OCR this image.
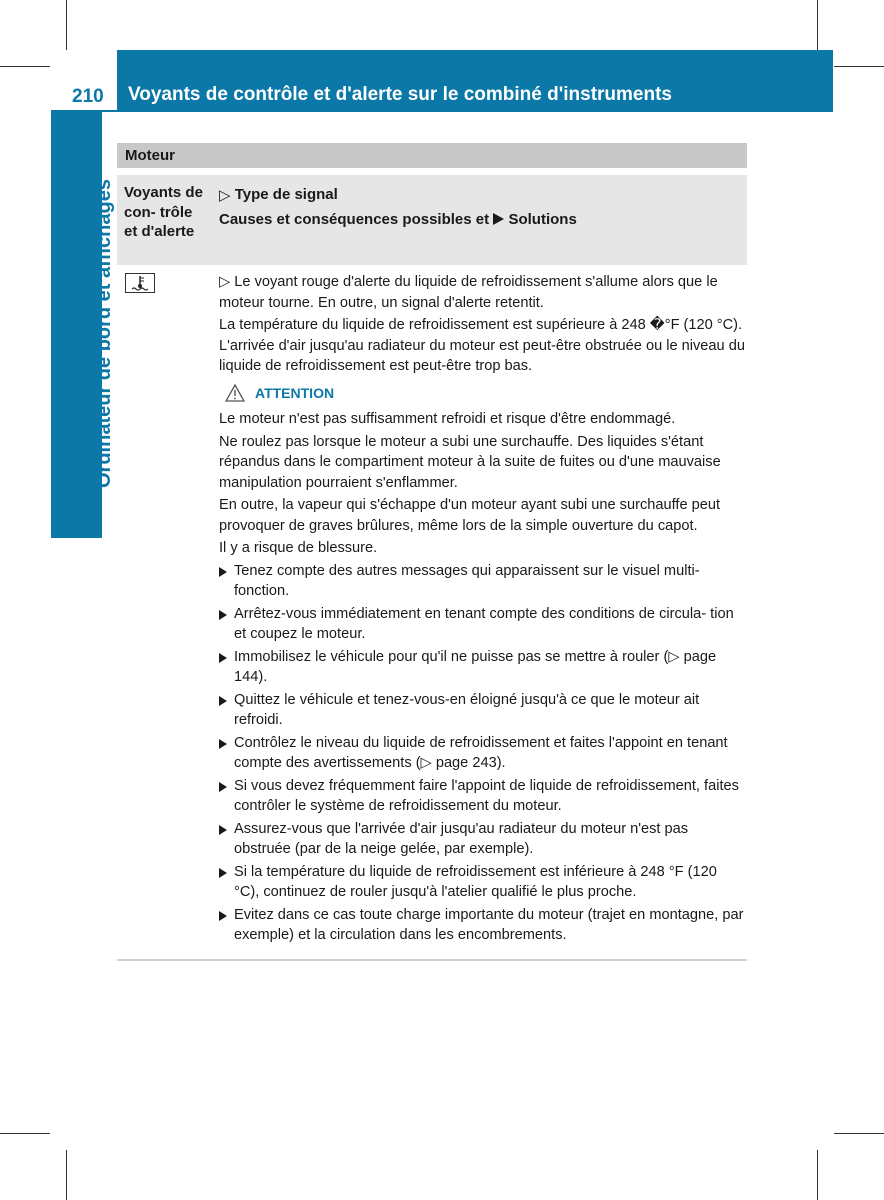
210 Voyants de contrôle et d'alerte sur le combiné d'instruments
Ordinateur de bord et affichages
Moteur
Voyants de con- trôle et d'alerte
▷ Type de signal
Causes et conséquences possibles et Solutions

▷ Le voyant rouge d'alerte du liquide de refroidissement s'allume alors que le moteur tourne. En outre, un signal d'alerte retentit.

La température du liquide de refroidissement est supérieure à 248 �°F (120 °C). L'arrivée d'air jusqu'au radiateur du moteur est peut-être obstruée ou le niveau du liquide de refroidissement est peut-être trop bas.

ATTENTION

Le moteur n'est pas suffisamment refroidi et risque d'être endommagé.

Ne roulez pas lorsque le moteur a subi une surchauffe. Des liquides s'étant répandus dans le compartiment moteur à la suite de fuites ou d'une mauvaise manipulation pourraient s'enflammer.

En outre, la vapeur qui s'échappe d'un moteur ayant subi une surchauffe peut provoquer de graves brûlures, même lors de la simple ouverture du capot.

Il y a risque de blessure.

Tenez compte des autres messages qui apparaissent sur le visuel multi- fonction.
Arrêtez-vous immédiatement en tenant compte des conditions de circula- tion et coupez le moteur.
Immobilisez le véhicule pour qu'il ne puisse pas se mettre à rouler (▷ page 144).
Quittez le véhicule et tenez-vous-en éloigné jusqu'à ce que le moteur ait refroidi.
Contrôlez le niveau du liquide de refroidissement et faites l'appoint en tenant compte des avertissements (▷ page 243).
Si vous devez fréquemment faire l'appoint de liquide de refroidissement, faites contrôler le système de refroidissement du moteur.
Assurez-vous que l'arrivée d'air jusqu'au radiateur du moteur n'est pas obstruée (par de la neige gelée, par exemple).
Si la température du liquide de refroidissement est inférieure à 248 ‌°F (120 °C), continuez de rouler jusqu'à l'atelier qualifié le plus proche.
Evitez dans ce cas toute charge importante du moteur (trajet en montagne, par exemple) et la circulation dans les encombrements.
